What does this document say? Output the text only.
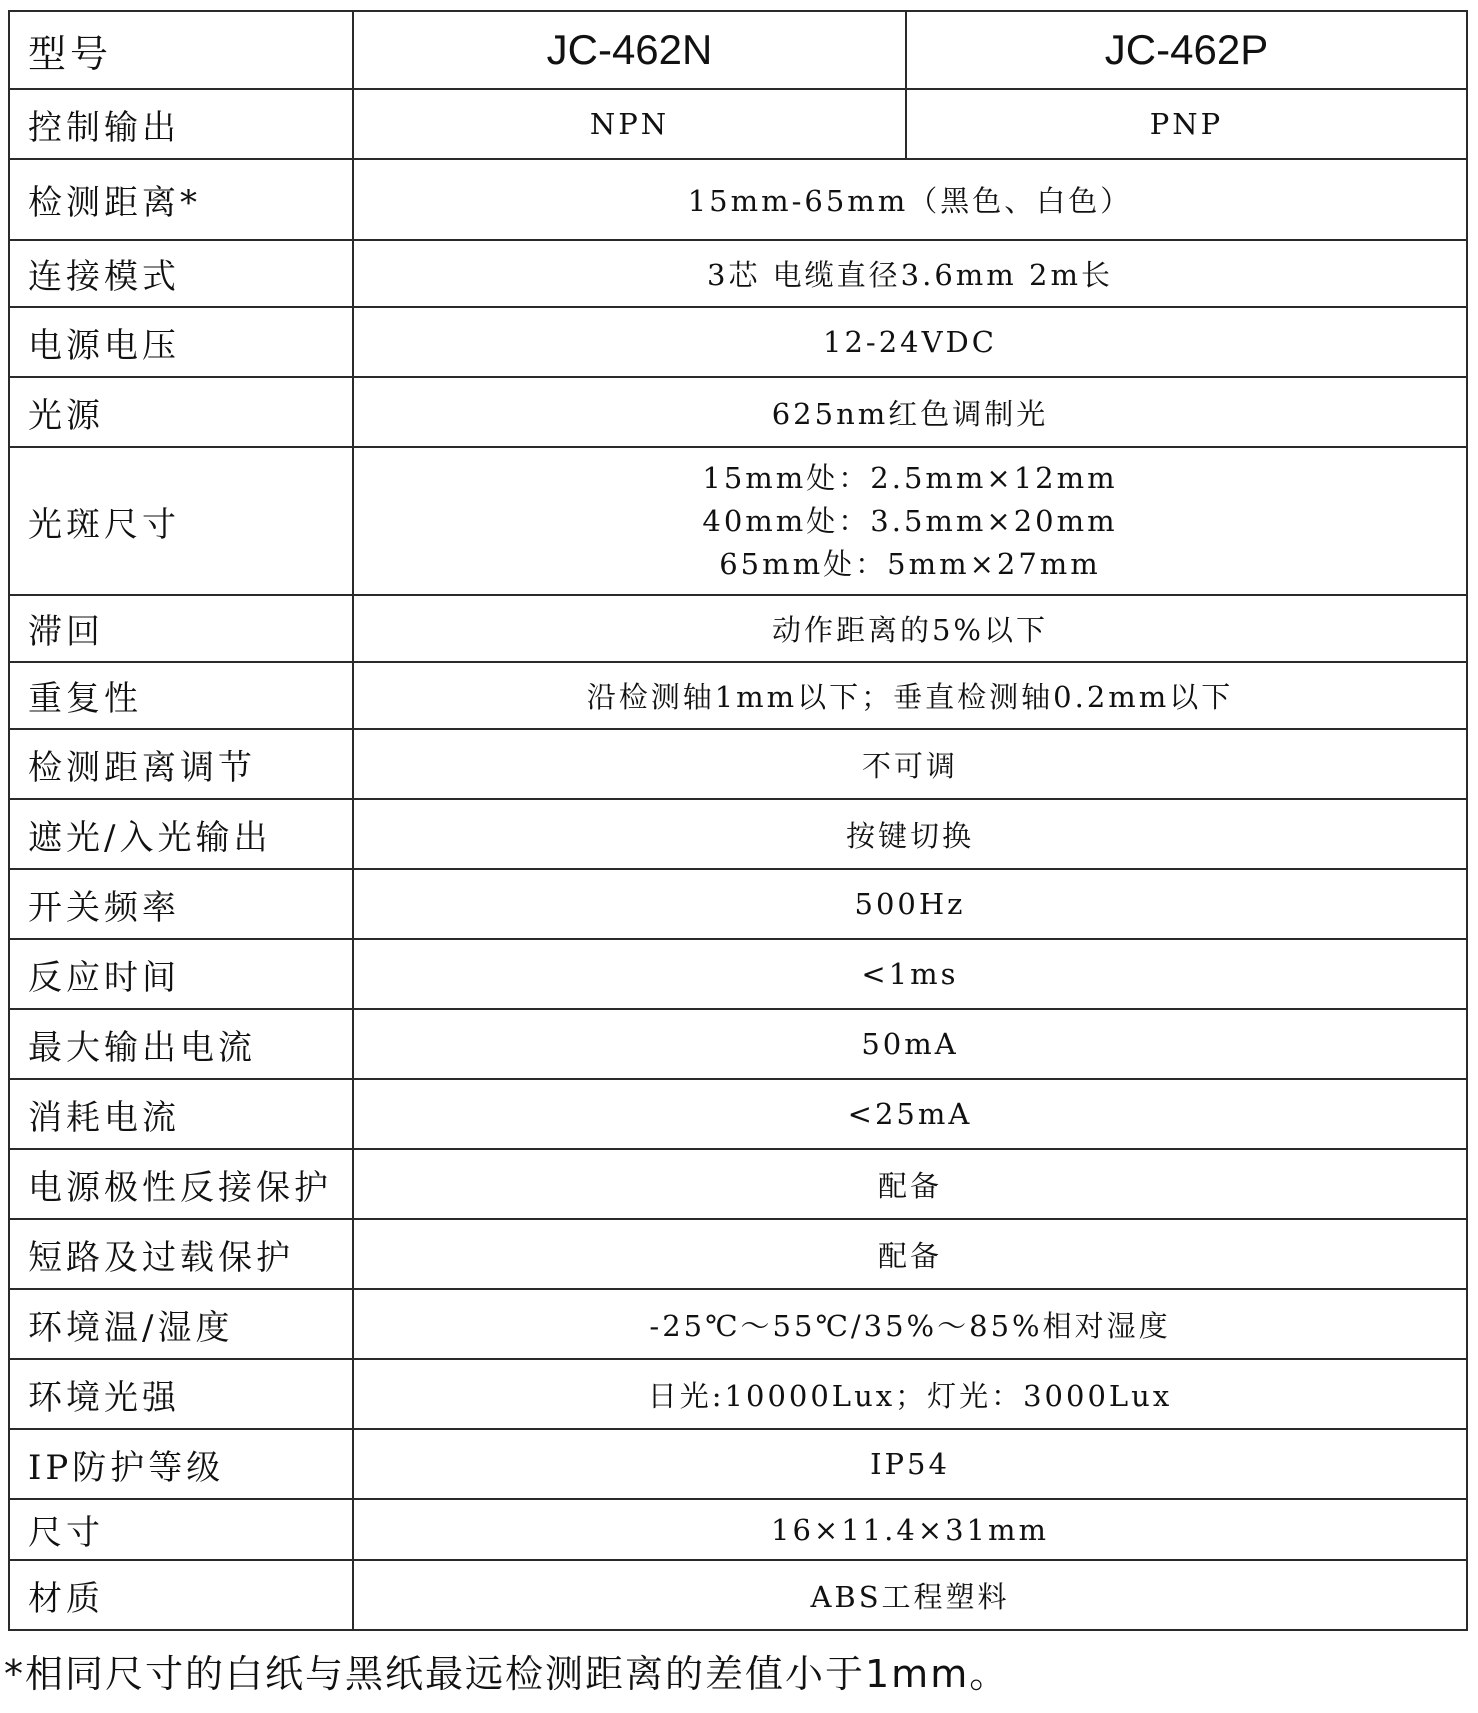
型号	JC-462N	JC-462P
控制输出	NPN	PNP
检测距离*	15mm-65mm（黑色、白色）	
连接模式	3芯 电缆直径3.6mm 2m长	
电源电压	12-24VDC	
光源	625nm红色调制光	
光斑尺寸	15mm处：2.5mm×12mm
40mm处：3.5mm×20mm
65mm处：5mm×27mm	

滞回	动作距离的5%以下	
重复性	沿检测轴1mm以下；垂直检测轴0.2mm以下	
检测距离调节	不可调	
遮光/入光输出	按键切换	
开关频率	500Hz	
反应时间	<1ms	
最大输出电流	50mA	
消耗电流	<25mA	
电源极性反接保护	配备	
短路及过载保护	配备	
环境温/湿度	-25℃～55℃/35%～85%相对湿度	
环境光强	日光:10000Lux；灯光：3000Lux	
IP防护等级	IP54	
尺寸	16×11.4×31mm	
材质	ABS工程塑料	
*相同尺寸的白纸与黑纸最远检测距离的差值小于1mm。
